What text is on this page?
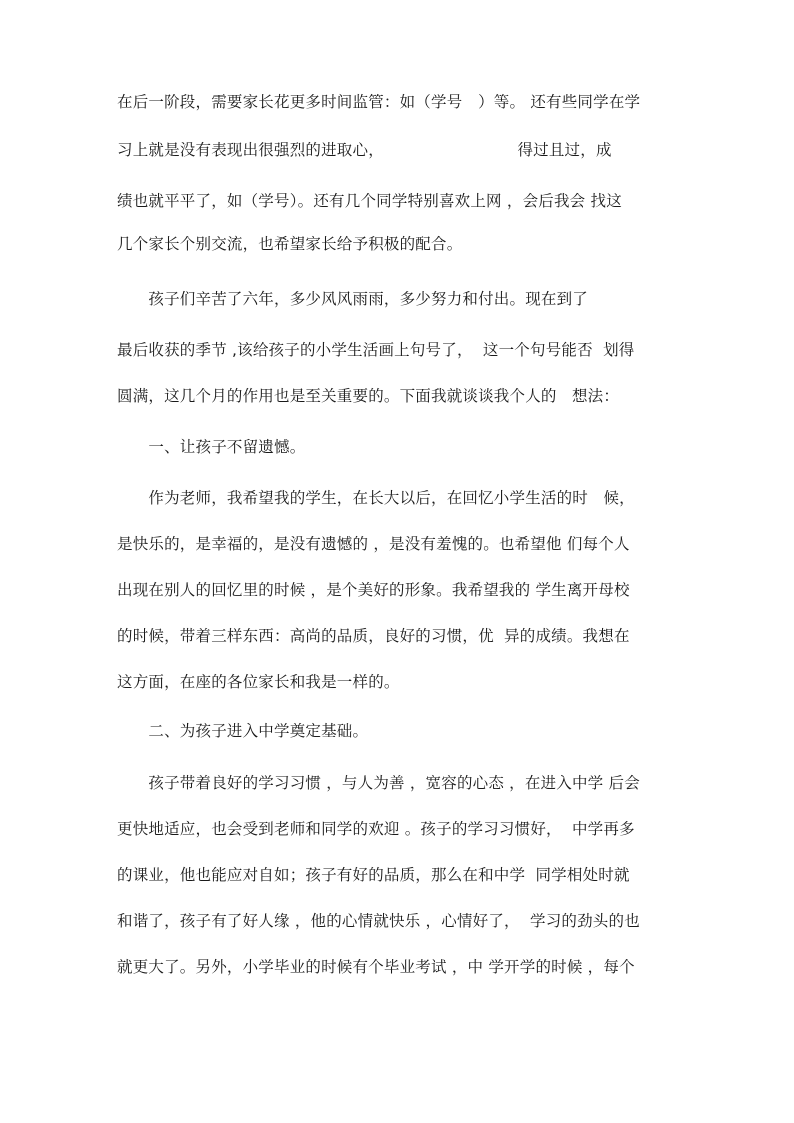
在后一阶段，需要家长花更多时间监管：如（学号　）等。 还有些同学在学
习上就是没有表现出很强烈的进取心，　　　　　　　　　得过且过，成
绩也就平平了，如（学号）。还有几个同学特别喜欢上网 ，会后我会 找这
几个家长个别交流，也希望家长给予积极的配合。
　　孩子们辛苦了六年，多少风风雨雨，多少努力和付出。现在到了
最后收获的季节 ,该给孩子的小学生活画上句号了，  这一个句号能否  划得
圆满，这几个月的作用也是至关重要的。下面我就谈谈我个人的   想法：
　　一、让孩子不留遗憾。
　　作为老师，我希望我的学生，在长大以后，在回忆小学生活的时   候，
是快乐的，是幸福的，是没有遗憾的 ，是没有羞愧的。也希望他 们每个人
出现在别人的回忆里的时候 ，是个美好的形象。我希望我的 学生离开母校
的时候，带着三样东西：高尚的品质，良好的习惯，优  异的成绩。我想在
这方面，在座的各位家长和我是一样的。
　　二、为孩子进入中学奠定基础。
　　孩子带着良好的学习习惯 ，与人为善 ，宽容的心态 ，在进入中学 后会
更快地适应，也会受到老师和同学的欢迎 。孩子的学习习惯好，  中学再多
的课业，他也能应对自如；孩子有好的品质，那么在和中学  同学相处时就
和谐了，孩子有了好人缘 ，他的心情就快乐 ，心情好了，  学习的劲头的也
就更大了。另外，小学毕业的时候有个毕业考试 ，中 学开学的时候 ，每个
